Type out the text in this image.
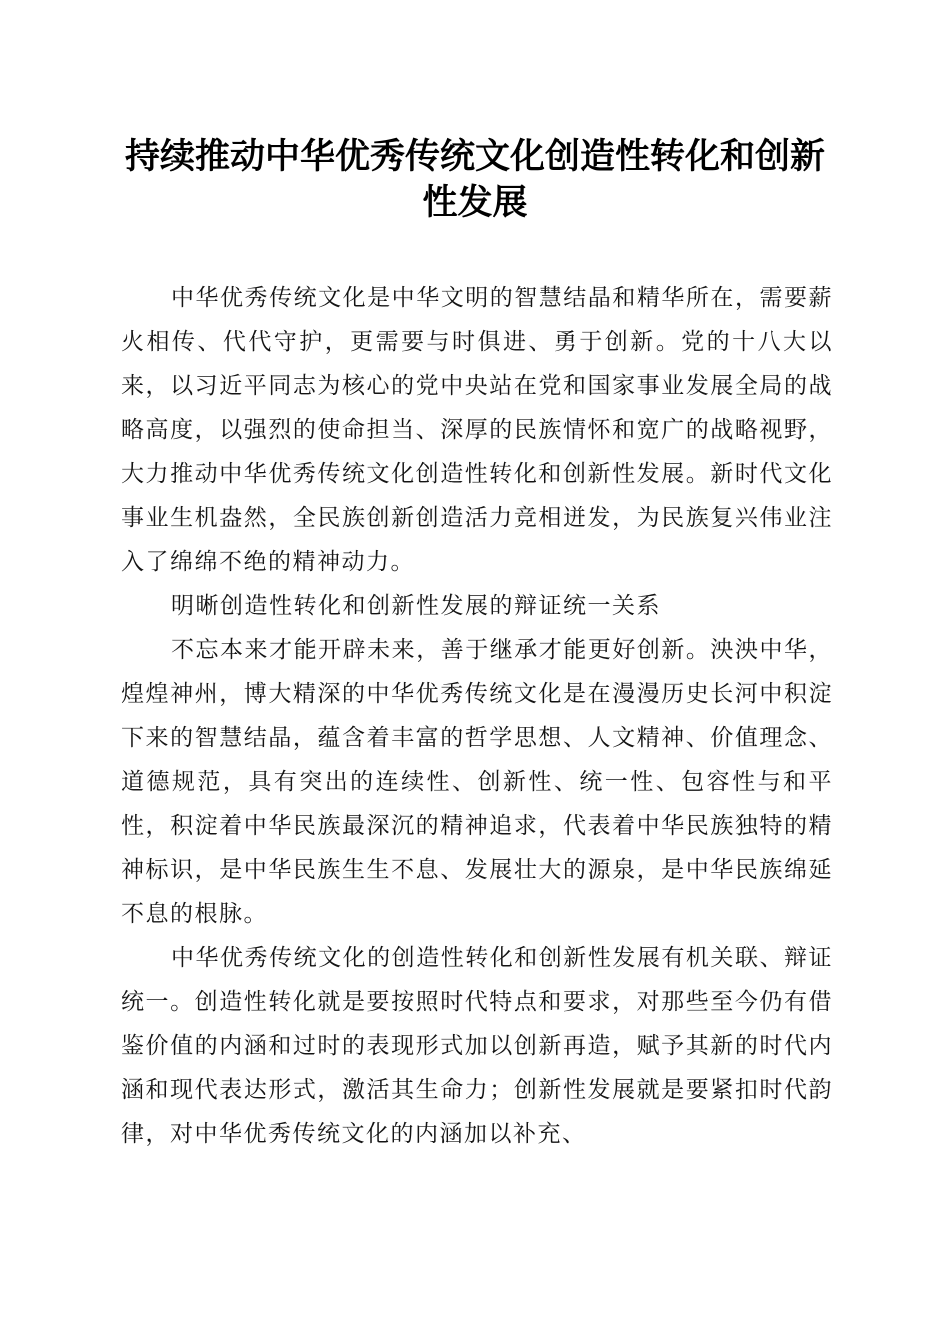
持续推动中华优秀传统文化创造性转化和创新性发展

中华优秀传统文化是中华文明的智慧结晶和精华所在，需要薪火相传、代代守护，更需要与时俱进、勇于创新。党的十八大以来，以习近平同志为核心的党中央站在党和国家事业发展全局的战略高度，以强烈的使命担当、深厚的民族情怀和宽广的战略视野，大力推动中华优秀传统文化创造性转化和创新性发展。新时代文化事业生机盎然，全民族创新创造活力竞相迸发，为民族复兴伟业注入了绵绵不绝的精神动力。

明晰创造性转化和创新性发展的辩证统一关系

不忘本来才能开辟未来，善于继承才能更好创新。泱泱中华，煌煌神州，博大精深的中华优秀传统文化是在漫漫历史长河中积淀下来的智慧结晶，蕴含着丰富的哲学思想、人文精神、价值理念、道德规范，具有突出的连续性、创新性、统一性、包容性与和平性，积淀着中华民族最深沉的精神追求，代表着中华民族独特的精神标识，是中华民族生生不息、发展壮大的源泉，是中华民族绵延不息的根脉。

中华优秀传统文化的创造性转化和创新性发展有机关联、辩证统一。创造性转化就是要按照时代特点和要求，对那些至今仍有借鉴价值的内涵和过时的表现形式加以创新再造，赋予其新的时代内涵和现代表达形式，激活其生命力；创新性发展就是要紧扣时代韵律，对中华优秀传统文化的内涵加以补充、
